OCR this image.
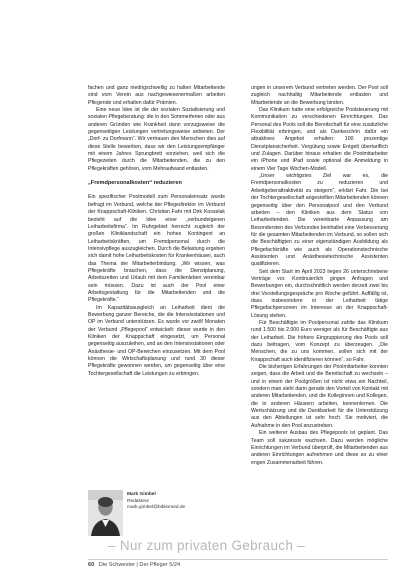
fachen und ganz niedrigschwellig zu halten Mitarbeitende sind vom Verein aus nachgewiesenermaßen arbeiten Pflegende und erhalten dafür Prämien.

Eine neue Idee ist die der sozialen Sozialisierung und sozialen Pflegeberatung: die in den Sommerferien oder aus anderen Gründen wie Krankheit dann vorzugsweise die gegenseitigen Leistungen vertretungsweise anbieten. Der „Dorf- zu Dorfmann“. Wir vertrauen den Menschen dies auf diese Stelle bewerben, dass wir den Leistungsempfänger mit einem Jahres Sprungbrett vorziehen, weil sich die Pflegezeiten durch die Mitarbeitenden, die zu den Pflegekräften gehören, vom Mehraufwand entlasten.

„Fremdpersonalkosten“ reduzieren

Ein spezifischer Poolmodell zum Personaleinsatz wurde befragt im Verbund, welche der Pflegedirektor im Verbund der Knappschaft-Kliniken. Christian Fahr mit Dirk Kosselak bezieht auf die Idee einer „verbundeigenen Leiharbeitsfirma“. Im Ruhrgebiet herrscht zugleich der großen Kliniklandschaft ein hohes Kontingent an Leiharbeitskräften, um Fremdpersonal durch die Intensivpflege auszugleichen. Durch die Belastung ergeben sich damit hohe Leiharbeitskosten für Krankenhäuser, auch das Thema der Mitarbeiterbindung. „Wir wissen, was Pflegekräfte brauchen, dass die Dienstplanung, Arbeitszeiten und Urlaub mit dem Familienleben vereinbar sein müssen. Dazu ist auch der Pool einer Arbeitsgestaltung für die Mitarbeitenden und die Pflegekräfte.“

Im Kapazitätsausgleich an Leiharbeit dient die Bewerbung ganzer Bereiche, die die Intensivstationen und OP im Verbund unterstützen. Es wurde vor zwölf Monaten der Verbund „Pflegepool“ entwickelt: dieser wurde in den Kliniken der Knappschaft eingesetzt, um Personal gegenseitig auszuleihen, und an den Intensivstationen oder Anästhesie- und OP-Bereichen einzusetzen. Mit dem Pool können die Wirtschaftsplanung und rund 30 dieser Pflegekräfte gewonnen werden, um gegenseitig über eine Tochtergesellschaft die Leistungen zu erbringen.

ungen in unserem Verbund vertreten werden. Der Pool soll zugleich nachhaltig Mitarbeitende entlasten und Mitarbeitende an die Bewerbung binden.

Das Klinikum hatte eine erfolgreiche Poolsteuerung mit Kommunikation zu verschiedenen Einrichtungen. Das Personal des Pools soll die Bereitschaft für eine zusätzliche Flexibilität erbringen, und als Dankeschön dafür ein attraktives Angebot erhalten: 100 prozentige Dienstplansicherheit. Vergütung sowie Entgelt übertariflich und Zulagen. Darüber hinaus erhalten die Poolmitarbeiter ein iPhone und iPad sowie optional die Anmeldung in einem Vier Tage Wochen-Modell.

„Unser wichtigstes Ziel war es, die Fremdpersonalkosten zu reduzieren und Arbeitgeberattraktivität zu steigern“, erklärt Fahr. Die bei der Tochtergesellschaft angestellten Mitarbeitenden können gegenseitig über den Personalpool und den Verbund arbeiten – den Kliniken aus dem Status von Leiharbeitenden. Die vereinbarte Anpassung am Besondersten des Verbundes beinhaltet eine Verbesserung für die gesamten Mitarbeitenden im Verbund, so sollen sich die Beschäftigten zu einer eigenständigen Ausbildung als Pflegefachkräfte wie auch als Operationstechnische Assistenten und Anästhesietechnische Assistenten qualifizieren.

Seit dem Start im April 2023 liegen 26 unterschriebene Verträge vor. Kontinuierlich gingen Anfragen und Bewerbungen ein, durchschnittlich werden derzeit zwei bis drei Vorstellungsgespräche pro Woche geführt. Auffällig ist, dass insbesondere in der Leiharbeit tätige Pflegefachpersonen im Interesse an der Knappschaft-Lösung stehen.

Für Beschäftigte im Poolpersonal zahlte das Klinikum rund 1.500 bis 2.000 Euro weniger als für Beschäftigte aus der Leiharbeit. Die höhere Eingruppierung des Pools soll dazu beitragen, vom Konzept zu überzeugen. „Die Menschen, die zu uns kommen, sollen sich mit der Knappschaft auch identifizieren können“, so Fahr.

Die bisherigen Erfahrungen der Poolmitarbeiter konnten zeigen, dass die Arbeit und die Bereitschaft zu wechseln – und in einem der Poolgrößen ist nicht etwa ein Nachteil, sondern man sieht darin gerade den Vorteil von Kontakt mit anderen Mitarbeitenden, und die Kolleginnen und Kollegen, die in anderen Häusern arbeiten, kennenlernen. Die Wertschätzung und die Dankbarkeit für die Unterstützung aus den Abteilungen ist sehr hoch. Sie motiviert, die Aufnahme in den Pool anzustreben.

Ein weiterer Ausbau des Pflegepools ist geplant. Das Team soll sukzessiv wachsen. Dazu werden mögliche Einrichtungen im Verbund überprüft, die Mitarbeitenden aus anderen Einrichtungen aufnehmen und diese so zu einer engen Zusammenarbeit führen.

Mark Gimbel
Redakteur
mark.gimbel@bibliomed.de
– Nur zum privaten Gebrauch –
60 Die Schwester | Der Pfleger 5/24
